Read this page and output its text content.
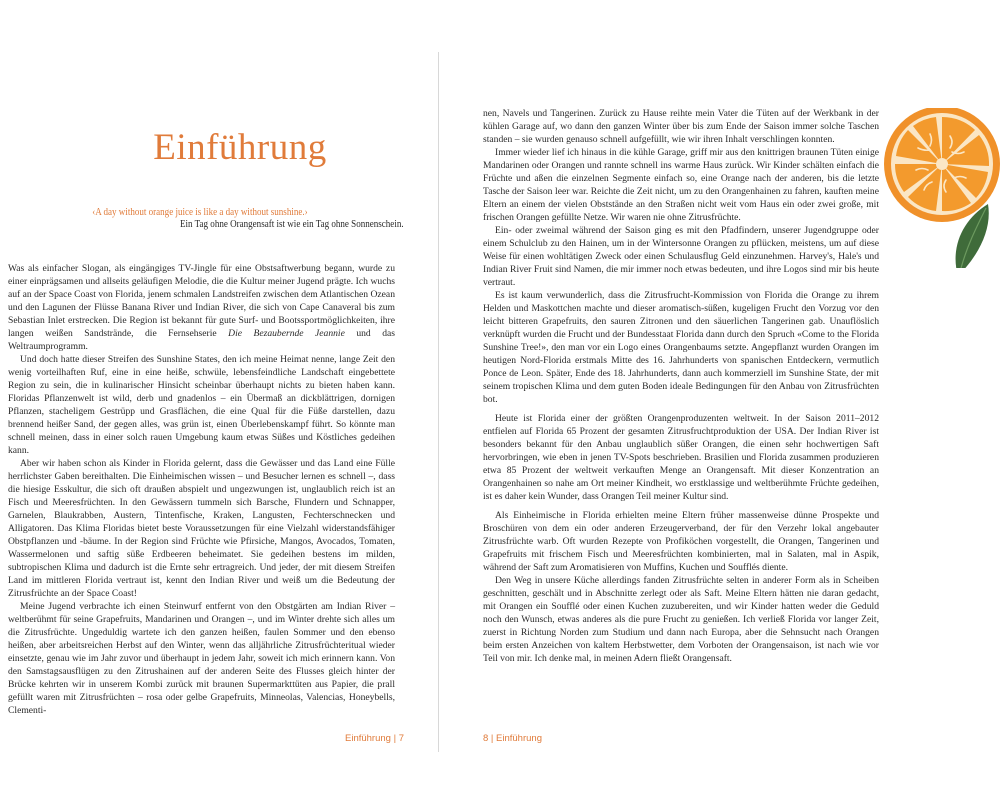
Einführung
‹A day without orange juice is like a day without sunshine.›
Ein Tag ohne Orangensaft ist wie ein Tag ohne Sonnenschein.

Was als einfacher Slogan, als eingängiges TV-Jingle für eine Obstsaftwerbung begann, wurde zu einer einprägsamen und allseits geläufigen Melodie, die die Kultur meiner Jugend prägte. Ich wuchs auf an der Space Coast von Florida, jenem schmalen Landstreifen zwischen dem Atlantischen Ozean und den Lagunen der Flüsse Banana River und Indian River, die sich von Cape Canaveral bis zum Sebastian Inlet erstrecken. Die Region ist bekannt für gute Surf- und Bootssportmöglichkeiten, ihre langen weißen Sandstrände, die Fernsehserie Die Bezaubernde Jeannie und das Weltraumprogramm.

Und doch hatte dieser Streifen des Sunshine States, den ich meine Heimat nenne, lange Zeit den wenig vorteilhaften Ruf, eine in eine heiße, schwüle, lebensfeindliche Landschaft eingebettete Region zu sein, die in kulinarischer Hinsicht scheinbar überhaupt nichts zu bieten haben kann. Floridas Pflanzenwelt ist wild, derb und gnadenlos – ein Übermaß an dickblättrigen, dornigen Pflanzen, stacheligem Gestrüpp und Grasflächen, die eine Qual für die Füße darstellen, dazu brennend heißer Sand, der gegen alles, was grün ist, einen Überlebenskampf führt. So könnte man schnell meinen, dass in einer solch rauen Umgebung kaum etwas Süßes und Köstliches gedeihen kann.

Aber wir haben schon als Kinder in Florida gelernt, dass die Gewässer und das Land eine Fülle herrlichster Gaben bereithalten. Die Einheimischen wissen – und Besucher lernen es schnell –, dass die hiesige Esskultur, die sich oft draußen abspielt und ungezwungen ist, unglaublich reich ist an Fisch und Meeresfrüchten. In den Gewässern tummeln sich Barsche, Flundern und Schnapper, Garnelen, Blaukrabben, Austern, Tintenfische, Kraken, Langusten, Fechterschnecken und Alligatoren. Das Klima Floridas bietet beste Voraussetzungen für eine Vielzahl widerstandsfähiger Obstpflanzen und -bäume. In der Region sind Früchte wie Pfirsiche, Mangos, Avocados, Tomaten, Wassermelonen und saftig süße Erdbeeren beheimatet. Sie gedeihen bestens im milden, subtropischen Klima und dadurch ist die Ernte sehr ertragreich. Und jeder, der mit diesem Streifen Land im mittleren Florida vertraut ist, kennt den Indian River und weiß um die Bedeutung der Zitrusfrüchte an der Space Coast!

Meine Jugend verbrachte ich einen Steinwurf entfernt von den Obstgärten am Indian River – weltberühmt für seine Grapefruits, Mandarinen und Orangen –, und im Winter drehte sich alles um die Zitrusfrüchte. Ungeduldig wartete ich den ganzen heißen, faulen Sommer und den ebenso heißen, aber arbeitsreichen Herbst auf den Winter, wenn das alljährliche Zitrusfrüchteritual wieder einsetzte, genau wie im Jahr zuvor und überhaupt in jedem Jahr, soweit ich mich erinnern kann. Von den Samstagsausflügen zu den Zitrushainen auf der anderen Seite des Flusses gleich hinter der Brücke kehrten wir in unserem Kombi zurück mit braunen Supermarkttüten aus Papier, die prall gefüllt waren mit Zitrusfrüchten – rosa oder gelbe Grapefruits, Minneolas, Valencias, Honeybells, Clementi-

Einführung | 7

nen, Navels und Tangerinen. Zurück zu Hause reihte mein Vater die Tüten auf der Werkbank in der kühlen Garage auf, wo dann den ganzen Winter über bis zum Ende der Saison immer solche Taschen standen – sie wurden genauso schnell aufgefüllt, wie wir ihren Inhalt verschlingen konnten.

Immer wieder lief ich hinaus in die kühle Garage, griff mir aus den knittrigen braunen Tüten einige Mandarinen oder Orangen und rannte schnell ins warme Haus zurück. Wir Kinder schälten einfach die Früchte und aßen die einzelnen Segmente einfach so, eine Orange nach der anderen, bis die letzte Tasche der Saison leer war. Reichte die Zeit nicht, um zu den Orangenhainen zu fahren, kauften meine Eltern an einem der vielen Obststände an den Straßen nicht weit vom Haus ein oder zwei große, mit frischen Orangen gefüllte Netze. Wir waren nie ohne Zitrusfrüchte.

Ein- oder zweimal während der Saison ging es mit den Pfadfindern, unserer Jugendgruppe oder einem Schulclub zu den Hainen, um in der Wintersonne Orangen zu pflücken, meistens, um auf diese Weise für einen wohltätigen Zweck oder einen Schulausflug Geld einzunehmen. Harvey's, Hale's und Indian River Fruit sind Namen, die mir immer noch etwas bedeuten, und ihre Logos sind mir bis heute vertraut.

Es ist kaum verwunderlich, dass die Zitrusfrucht-Kommission von Florida die Orange zu ihrem Helden und Maskottchen machte und dieser aromatisch-süßen, kugeligen Frucht den Vorzug vor den leicht bitteren Grapefruits, den sauren Zitronen und den säuerlichen Tangerinen gab. Unauflöslich verknüpft wurden die Frucht und der Bundesstaat Florida dann durch den Spruch «Come to the Florida Sunshine Tree!», den man vor ein Logo eines Orangenbaums setzte. Angepflanzt wurden Orangen im heutigen Nord-Florida erstmals Mitte des 16. Jahrhunderts von spanischen Entdeckern, vermutlich Ponce de Leon. Später, Ende des 18. Jahrhunderts, dann auch kommerziell im Sunshine State, der mit seinem tropischen Klima und dem guten Boden ideale Bedingungen für den Anbau von Zitrusfrüchten bot.

Heute ist Florida einer der größten Orangenproduzenten weltweit. In der Saison 2011–2012 entfielen auf Florida 65 Prozent der gesamten Zitrusfruchtproduktion der USA. Der Indian River ist besonders bekannt für den Anbau unglaublich süßer Orangen, die einen sehr hochwertigen Saft hervorbringen, wie eben in jenen TV-Spots beschrieben. Brasilien und Florida zusammen produzieren etwa 85 Prozent der weltweit verkauften Menge an Orangensaft. Mit dieser Konzentration an Orangenhainen so nahe am Ort meiner Kindheit, wo erstklassige und weltberühmte Früchte gedeihen, ist es daher kein Wunder, dass Orangen Teil meiner Kultur sind.

Als Einheimische in Florida erhielten meine Eltern früher massenweise dünne Prospekte und Broschüren von dem ein oder anderen Erzeugerverband, der für den Verzehr lokal angebauter Zitrusfrüchte warb. Oft wurden Rezepte von Profiköchen vorgestellt, die Orangen, Tangerinen und Grapefruits mit frischem Fisch und Meeresfrüchten kombinierten, mal in Salaten, mal in Aspik, während der Saft zum Aromatisieren von Muffins, Kuchen und Soufflés diente.

Den Weg in unsere Küche allerdings fanden Zitrusfrüchte selten in anderer Form als in Scheiben geschnitten, geschält und in Abschnitte zerlegt oder als Saft. Meine Eltern hätten nie daran gedacht, mit Orangen ein Soufflé oder einen Kuchen zuzubereiten, und wir Kinder hatten weder die Geduld noch den Wunsch, etwas anderes als die pure Frucht zu genießen. Ich verließ Florida vor langer Zeit, zuerst in Richtung Norden zum Studium und dann nach Europa, aber die Sehnsucht nach Orangen beim ersten Anzeichen von kaltem Herbstwetter, dem Vorboten der Orangensaison, ist nach wie vor Teil von mir. Ich denke mal, in meinen Adern fließt Orangensaft.

8 | Einführung
